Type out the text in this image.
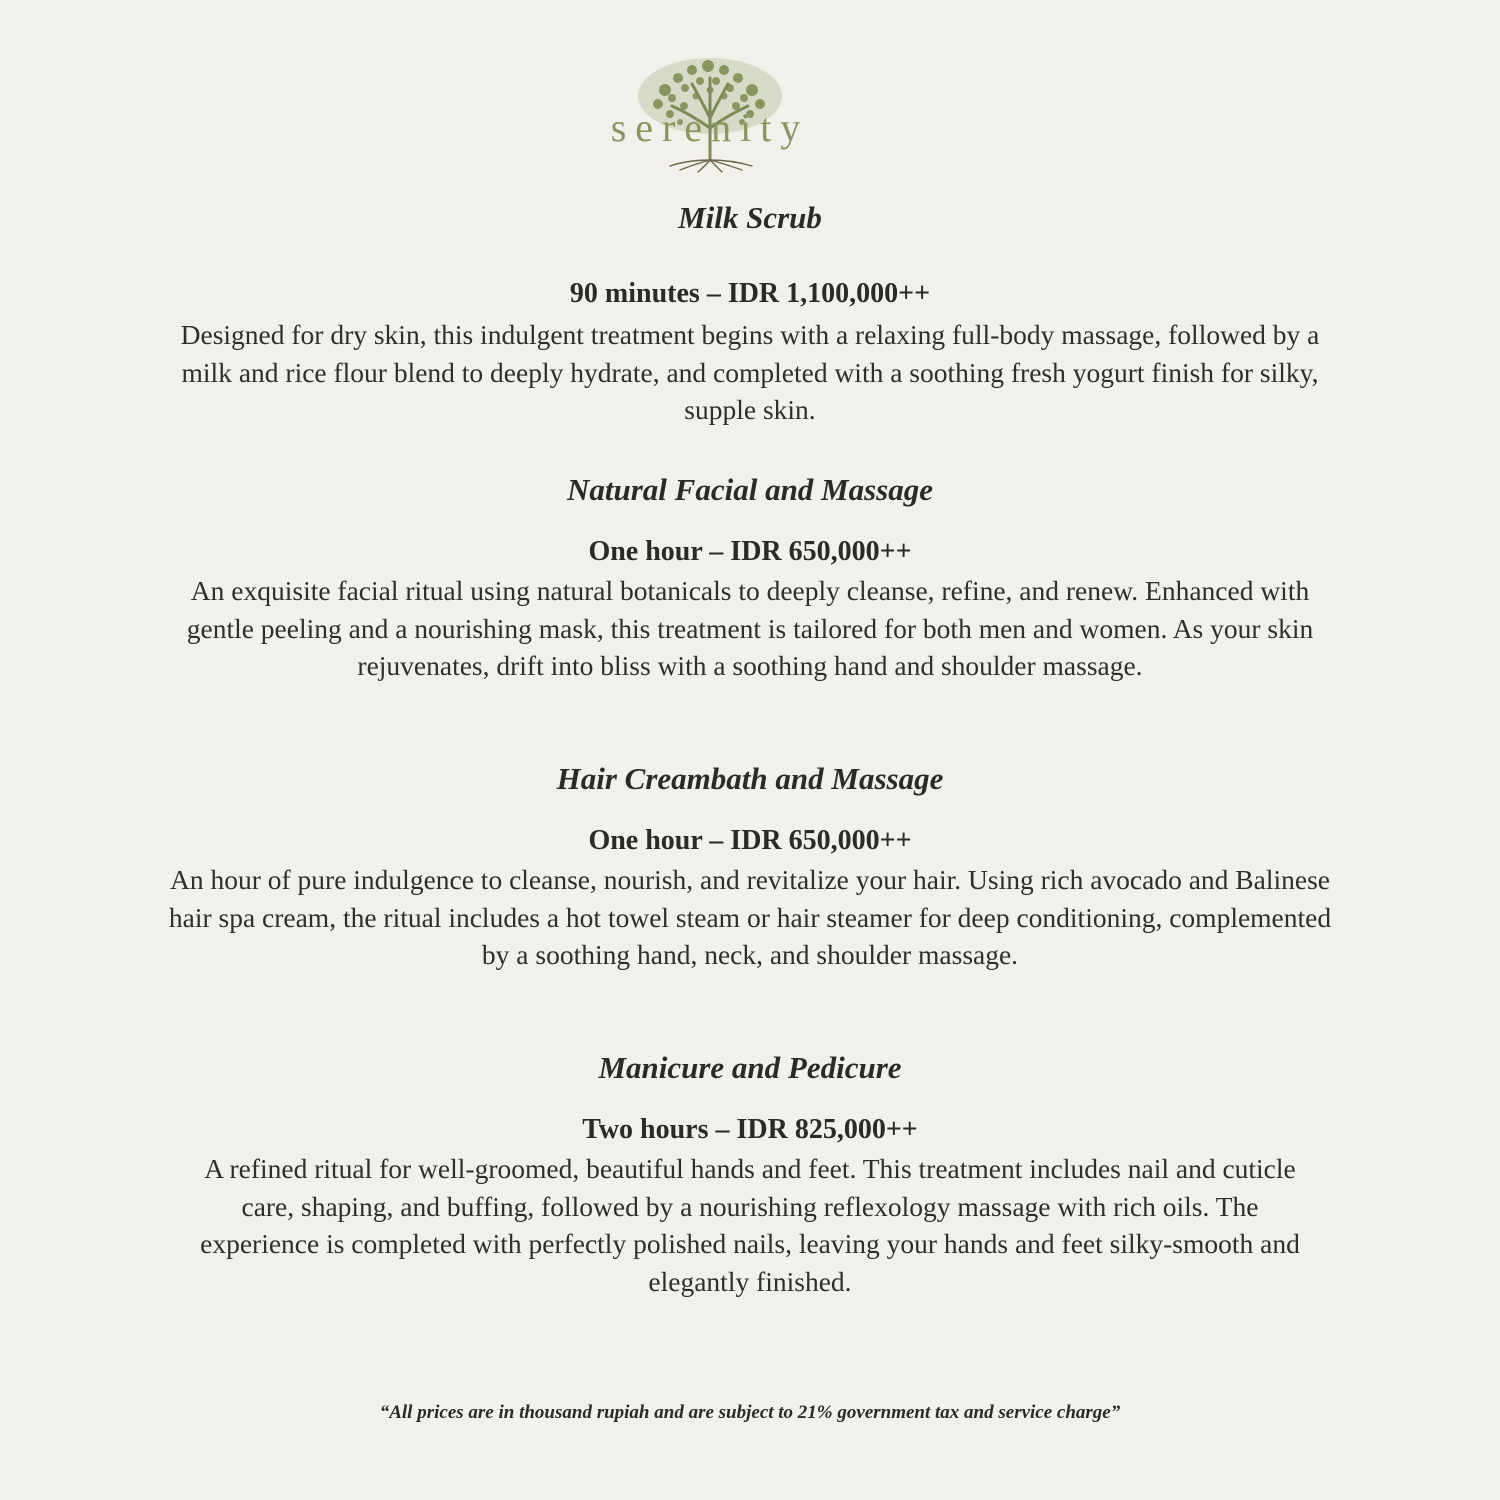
serenity

Milk Scrub

90 minutes – IDR 1,100,000++

Designed for dry skin, this indulgent treatment begins with a relaxing full-body massage, followed by a milk and rice flour blend to deeply hydrate, and completed with a soothing fresh yogurt finish for silky, supple skin.

Natural Facial and Massage

One hour – IDR 650,000++

An exquisite facial ritual using natural botanicals to deeply cleanse, refine, and renew. Enhanced with gentle peeling and a nourishing mask, this treatment is tailored for both men and women. As your skin rejuvenates, drift into bliss with a soothing hand and shoulder massage.

Hair Creambath and Massage

One hour – IDR 650,000++

An hour of pure indulgence to cleanse, nourish, and revitalize your hair. Using rich avocado and Balinese hair spa cream, the ritual includes a hot towel steam or hair steamer for deep conditioning, complemented by a soothing hand, neck, and shoulder massage.

Manicure and Pedicure

Two hours – IDR 825,000++

A refined ritual for well-groomed, beautiful hands and feet. This treatment includes nail and cuticle care, shaping, and buffing, followed by a nourishing reflexology massage with rich oils. The experience is completed with perfectly polished nails, leaving your hands and feet silky-smooth and elegantly finished.

“All prices are in thousand rupiah and are subject to 21% government tax and service charge”
